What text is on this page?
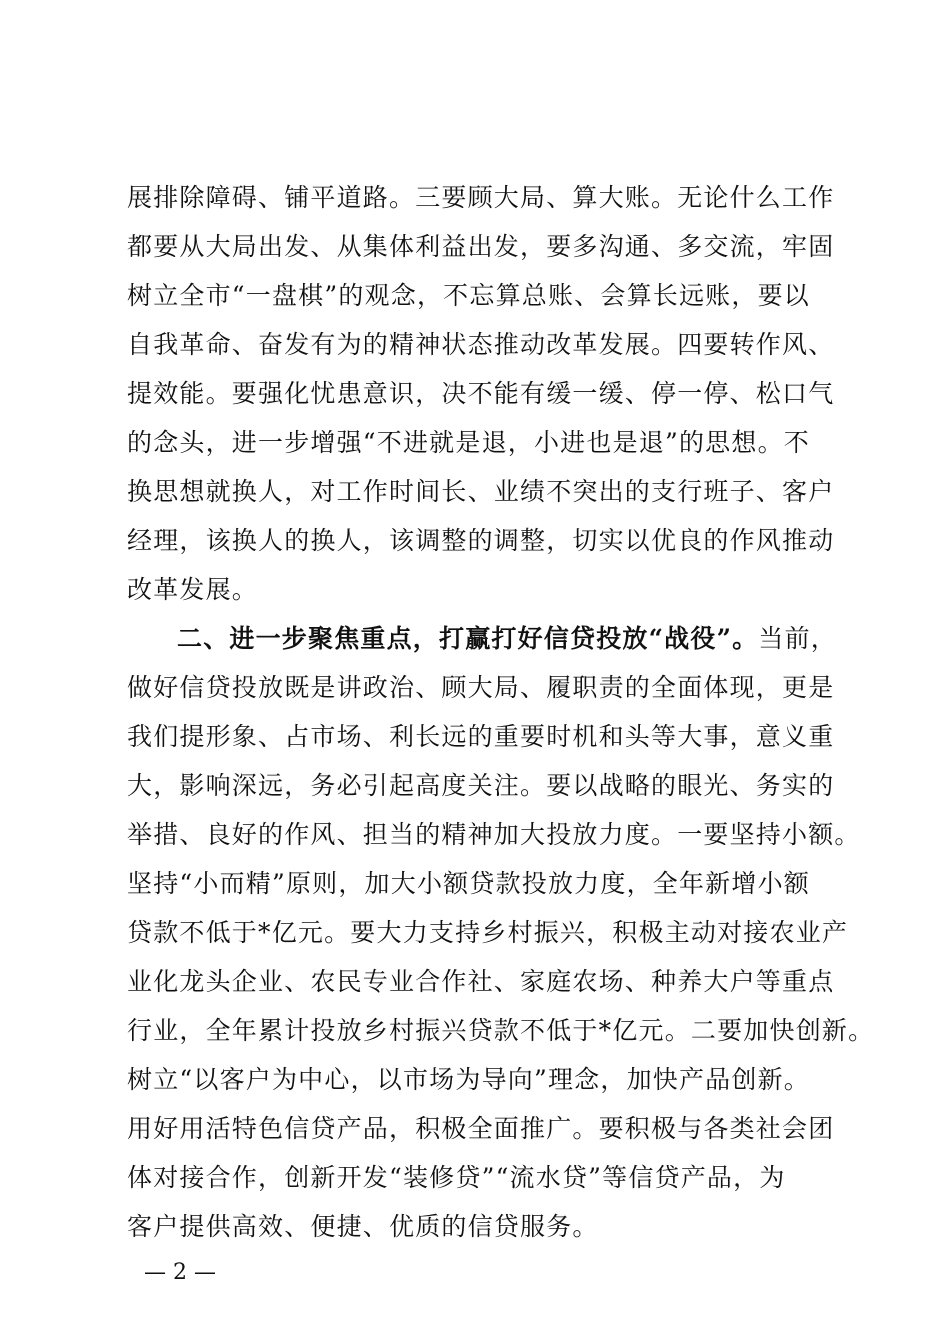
展排除障碍、铺平道路。三要顾大局、算大账。无论什么工作
都要从大局出发、从集体利益出发，要多沟通、多交流，牢固
树立全市“一盘棋”的观念，不忘算总账、会算长远账，要以
自我革命、奋发有为的精神状态推动改革发展。四要转作风、
提效能。要强化忧患意识，决不能有缓一缓、停一停、松口气
的念头，进一步增强“不进就是退，小进也是退”的思想。不
换思想就换人，对工作时间长、业绩不突出的支行班子、客户
经理，该换人的换人，该调整的调整，切实以优良的作风推动
改革发展。
二、进一步聚焦重点，打赢打好信贷投放“战役”。当前，
做好信贷投放既是讲政治、顾大局、履职责的全面体现，更是
我们提形象、占市场、利长远的重要时机和头等大事，意义重
大，影响深远，务必引起高度关注。要以战略的眼光、务实的
举措、良好的作风、担当的精神加大投放力度。一要坚持小额。
坚持“小而精”原则，加大小额贷款投放力度，全年新增小额
贷款不低于*亿元。要大力支持乡村振兴，积极主动对接农业产
业化龙头企业、农民专业合作社、家庭农场、种养大户等重点
行业，全年累计投放乡村振兴贷款不低于*亿元。二要加快创新。
树立“以客户为中心，以市场为导向”理念，加快产品创新。
用好用活特色信贷产品，积极全面推广。要积极与各类社会团
体对接合作，创新开发“装修贷”“流水贷”等信贷产品，为
客户提供高效、便捷、优质的信贷服务。
— 2 —
